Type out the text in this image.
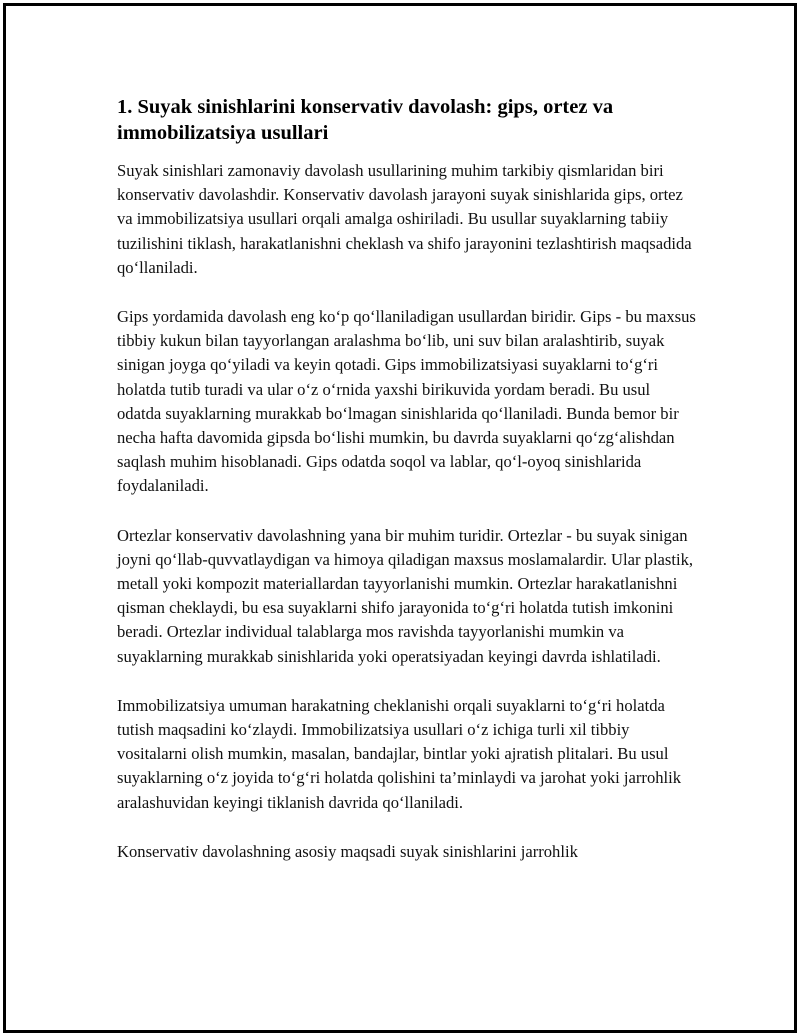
1. Suyak sinishlarini konservativ davolash: gips, ortez va immobilizatsiya usullari

Suyak sinishlari zamonaviy davolash usullarining muhim tarkibiy qismlaridan biri konservativ davolashdir. Konservativ davolash jarayoni suyak sinishlarida gips, ortez va immobilizatsiya usullari orqali amalga oshiriladi. Bu usullar suyaklarning tabiiy tuzilishini tiklash, harakatlanishni cheklash va shifo jarayonini tezlashtirish maqsadida qo‘llaniladi.

Gips yordamida davolash eng ko‘p qo‘llaniladigan usullardan biridir. Gips - bu maxsus tibbiy kukun bilan tayyorlangan aralashma bo‘lib, uni suv bilan aralashtirib, suyak sinigan joyga qo‘yiladi va keyin qotadi. Gips immobilizatsiyasi suyaklarni to‘g‘ri holatda tutib turadi va ular o‘z o‘rnida yaxshi birikuvida yordam beradi. Bu usul odatda suyaklarning murakkab bo‘lmagan sinishlarida qo‘llaniladi. Bunda bemor bir necha hafta davomida gipsda bo‘lishi mumkin, bu davrda suyaklarni qo‘zg‘alishdan saqlash muhim hisoblanadi. Gips odatda soqol va lablar, qo‘l-oyoq sinishlarida foydalaniladi.

Ortezlar konservativ davolashning yana bir muhim turidir. Ortezlar - bu suyak sinigan joyni qo‘llab-quvvatlaydigan va himoya qiladigan maxsus moslamalardir. Ular plastik, metall yoki kompozit materiallardan tayyorlanishi mumkin. Ortezlar harakatlanishni qisman cheklaydi, bu esa suyaklarni shifo jarayonida to‘g‘ri holatda tutish imkonini beradi. Ortezlar individual talablarga mos ravishda tayyorlanishi mumkin va suyaklarning murakkab sinishlarida yoki operatsiyadan keyingi davrda ishlatiladi.

Immobilizatsiya umuman harakatning cheklanishi orqali suyaklarni to‘g‘ri holatda tutish maqsadini ko‘zlaydi. Immobilizatsiya usullari o‘z ichiga turli xil tibbiy vositalarni olish mumkin, masalan, bandajlar, bintlar yoki ajratish plitalari. Bu usul suyaklarning o‘z joyida to‘g‘ri holatda qolishini ta’minlaydi va jarohat yoki jarrohlik aralashuvidan keyingi tiklanish davrida qo‘llaniladi.

Konservativ davolashning asosiy maqsadi suyak sinishlarini jarrohlik
